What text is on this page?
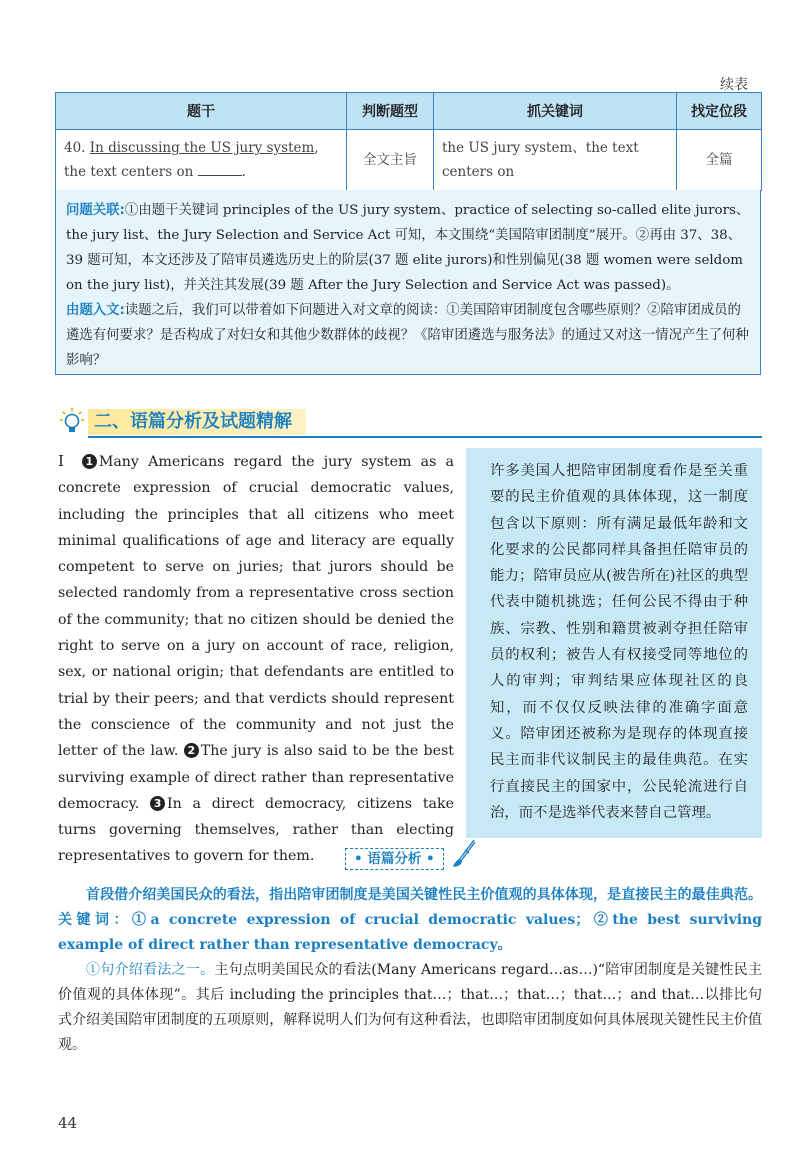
续表
题干	判断题型	抓关键词	找定位段
40. In discussing the US jury system, the text centers on .	全文主旨	the US jury system、the text centers on	全篇
问题关联:①由题干关键词 principles of the US jury system、practice of selecting so-called elite jurors、the jury list、the Jury Selection and Service Act 可知，本文围绕“美国陪审团制度”展开。②再由 37、38、39 题可知，本文还涉及了陪审员遴选历史上的阶层(37 题 elite jurors)和性别偏见(38 题 women were seldom on the jury list)，并关注其发展(39 题 After the Jury Selection and Service Act was passed)。
由题入文:读题之后，我们可以带着如下问题进入对文章的阅读：①美国陪审团制度包含哪些原则？②陪审团成员的遴选有何要求？是否构成了对妇女和其他少数群体的歧视？《陪审团遴选与服务法》的通过又对这一情况产生了何种影响？
二、语篇分析及试题精解
Ⅰ 1 Many Americans regard the jury system as a concrete expression of crucial democratic values, including the principles that all citizens who meet minimal qualifications of age and literacy are equally competent to serve on juries; that jurors should be selected randomly from a representative cross section of the community; that no citizen should be denied the right to serve on a jury on account of race, religion, sex, or national origin; that defendants are entitled to trial by their peers; and that verdicts should represent the conscience of the community and not just the letter of the law. 2 The jury is also said to be the best surviving example of direct rather than representative democracy. 3 In a direct democracy, citizens take turns governing themselves, rather than electing representatives to govern for them.
许多美国人把陪审团制度看作是至关重要的民主价值观的具体体现，这一制度包含以下原则：所有满足最低年龄和文化要求的公民都同样具备担任陪审员的能力；陪审员应从(被告所在)社区的典型代表中随机挑选；任何公民不得由于种族、宗教、性别和籍贯被剥夺担任陪审员的权利；被告人有权接受同等地位的人的审判；审判结果应体现社区的良知，而不仅仅反映法律的准确字面意义。陪审团还被称为是现存的体现直接民主而非代议制民主的最佳典范。在实行直接民主的国家中，公民轮流进行自治，而不是选举代表来替自己管理。
• 语篇分析 •
首段借介绍美国民众的看法，指出陪审团制度是美国关键性民主价值观的具体体现，是直接民主的最佳典范。关键词：①a concrete expression of crucial democratic values；②the best surviving example of direct rather than representative democracy。
①句介绍看法之一。主句点明美国民众的看法(Many Americans regard…as…)“陪审团制度是关键性民主价值观的具体体现”。其后 including the principles that…；that…；that…；that…；and that…以排比句式介绍美国陪审团制度的五项原则，解释说明人们为何有这种看法，也即陪审团制度如何具体展现关键性民主价值观。
44
